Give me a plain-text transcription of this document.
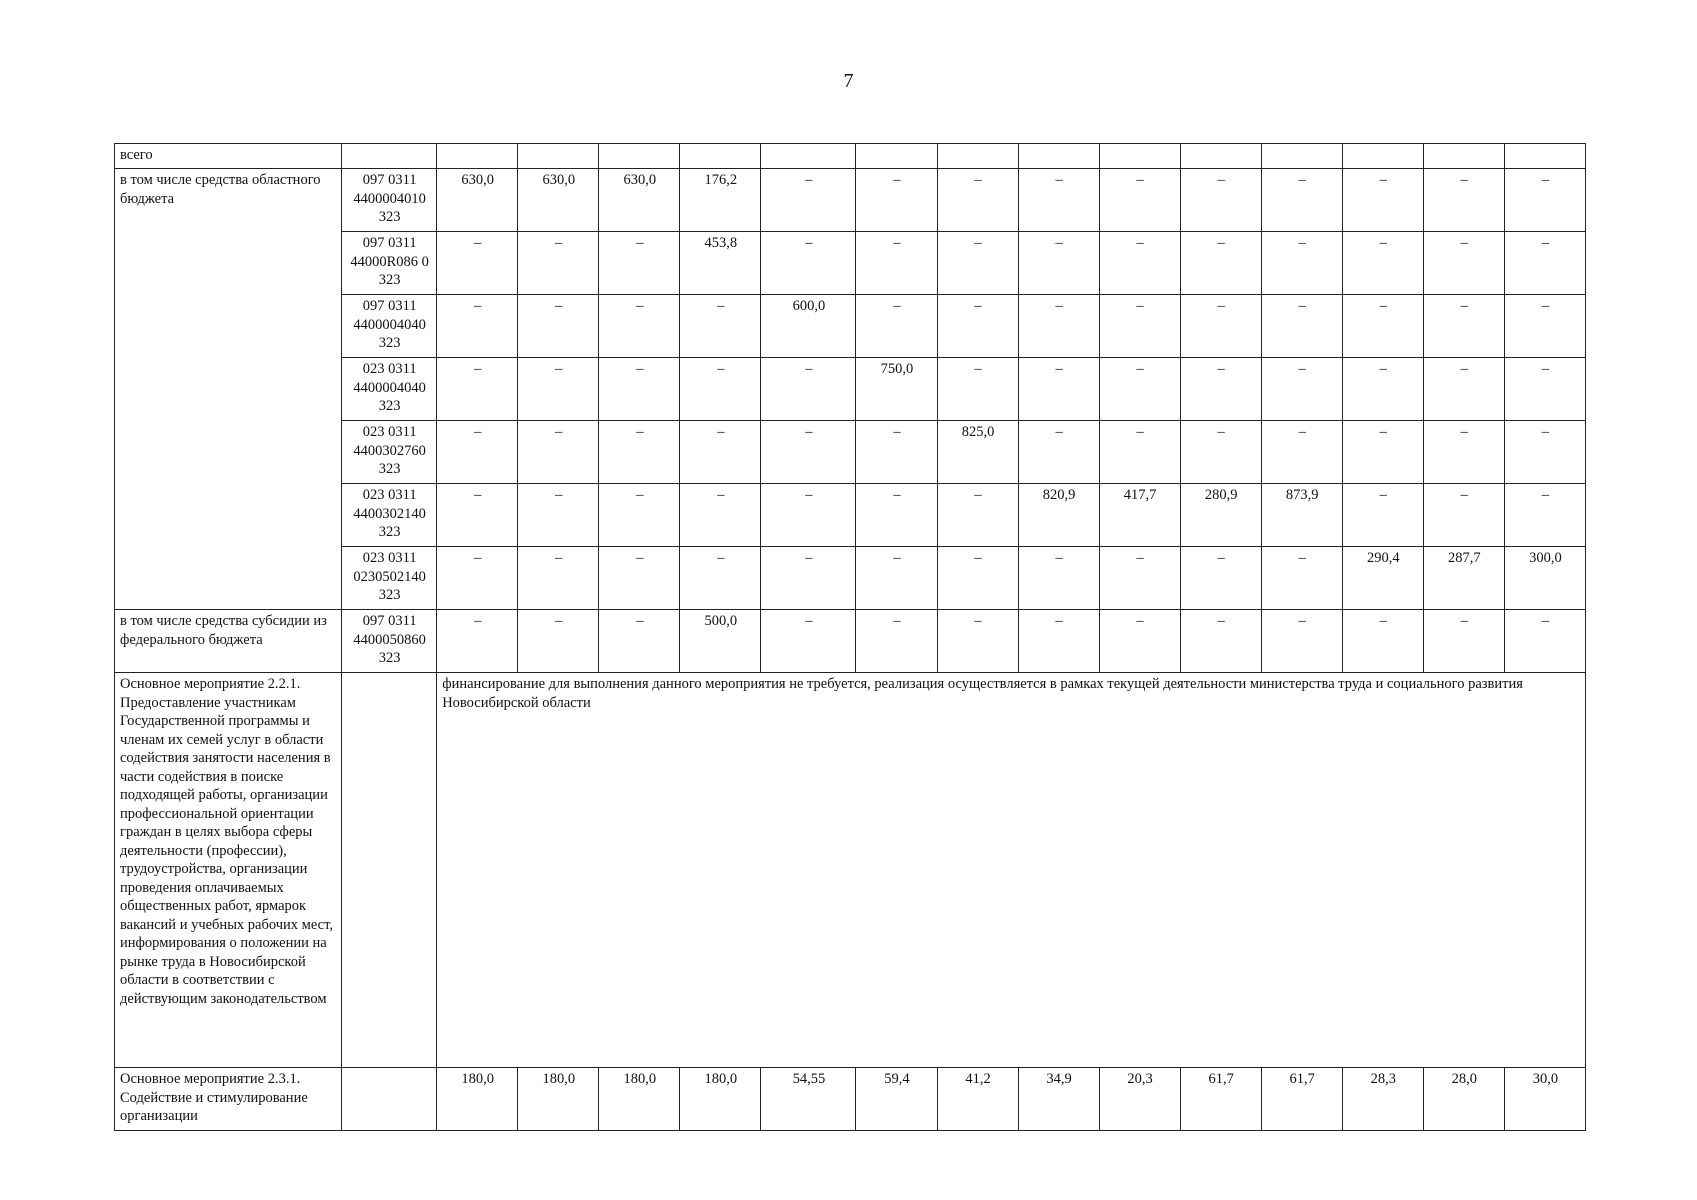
7
всего															
в том числе средства областного бюджета	097 0311 4400004010 323	630,0	630,0	630,0	176,2	–	–	–	–	–	–	–	–	–	–
	097 0311 44000R086 0 323	–	–	–	453,8	–	–	–	–	–	–	–	–	–	–
	097 0311 4400004040 323	–	–	–	–	600,0	–	–	–	–	–	–	–	–	–
	023 0311 4400004040 323	–	–	–	–	–	750,0	–	–	–	–	–	–	–	–
	023 0311 4400302760 323	–	–	–	–	–	–	825,0	–	–	–	–	–	–	–
	023 0311 4400302140 323	–	–	–	–	–	–	–	820,9	417,7	280,9	873,9	–	–	–
	023 0311 0230502140 323	–	–	–	–	–	–	–	–	–	–	–	290,4	287,7	300,0
в том числе средства субсидии из федерального бюджета	097 0311 4400050860 323	–	–	–	500,0	–	–	–	–	–	–	–	–	–	–
Основное мероприятие 2.2.1. Предоставление участникам Государственной программы и членам их семей услуг в области содействия занятости населения в части содействия в поиске подходящей работы, организации профессиональной ориентации граждан в целях выбора сферы деятельности (профессии), трудоустройства, организации проведения оплачиваемых общественных работ, ярмарок вакансий и учебных рабочих мест, информирования о положении на рынке труда в Новосибирской области в соответствии с действующим законодательством		финансирование для выполнения данного мероприятия не требуется, реализация осуществляется в рамках текущей деятельности министерства труда и социального развития Новосибирской области													
Основное мероприятие 2.3.1. Содействие и стимулирование организации		180,0	180,0	180,0	180,0	54,55	59,4	41,2	34,9	20,3	61,7	61,7	28,3	28,0	30,0
